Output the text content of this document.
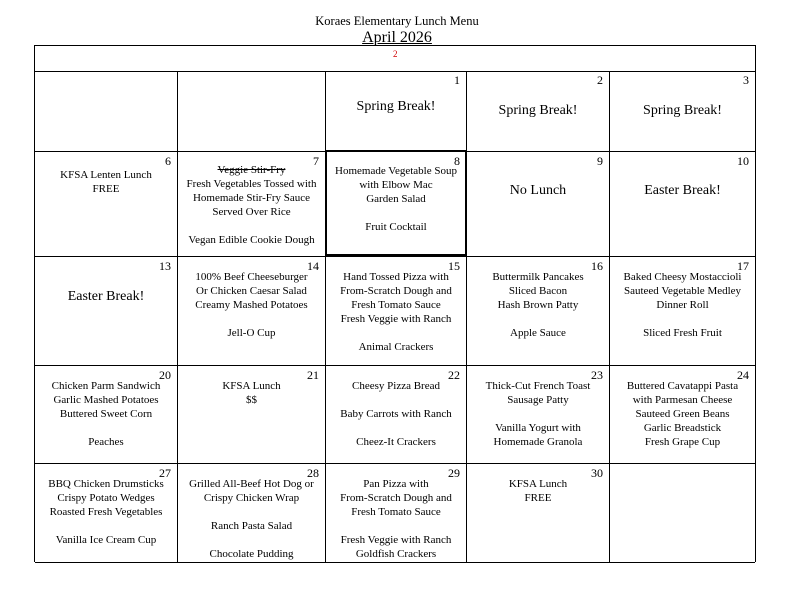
Koraes Elementary Lunch Menu
April 2026
2
1
Spring Break!
2
Spring Break!
3
Spring Break!
6
KFSA Lenten Lunch
FREE
7
Veggie Stir-Fry
Fresh Vegetables Tossed with
Homemade Stir-Fry Sauce
Served Over Rice

Vegan Edible Cookie Dough
8
Homemade Vegetable Soup
with Elbow Mac
Garden Salad

Fruit Cocktail
9
No Lunch
10
Easter Break!
13
Easter Break!
14
100% Beef Cheeseburger
Or Chicken Caesar Salad
Creamy Mashed Potatoes

Jell-O Cup
15
Hand Tossed Pizza with
From-Scratch Dough and
Fresh Tomato Sauce
Fresh Veggie with Ranch

Animal Crackers
16
Buttermilk Pancakes
Sliced Bacon
Hash Brown Patty

Apple Sauce
17
Baked Cheesy Mostaccioli
Sauteed Vegetable Medley
Dinner Roll

Sliced Fresh Fruit
20
Chicken Parm Sandwich
Garlic Mashed Potatoes
Buttered Sweet Corn

Peaches
21
KFSA Lunch
$$
22
Cheesy Pizza Bread

Baby Carrots with Ranch

Cheez-It Crackers
23
Thick-Cut French Toast
Sausage Patty

Vanilla Yogurt with
Homemade Granola
24
Buttered Cavatappi Pasta
with Parmesan Cheese
Sauteed Green Beans
Garlic Breadstick
Fresh Grape Cup
27
BBQ Chicken Drumsticks
Crispy Potato Wedges
Roasted Fresh Vegetables

Vanilla Ice Cream Cup
28
Grilled All-Beef Hot Dog or
Crispy Chicken Wrap

Ranch Pasta Salad

Chocolate Pudding
29
Pan Pizza with
From-Scratch Dough and
Fresh Tomato Sauce

Fresh Veggie with Ranch
Goldfish Crackers
30
KFSA Lunch
FREE
